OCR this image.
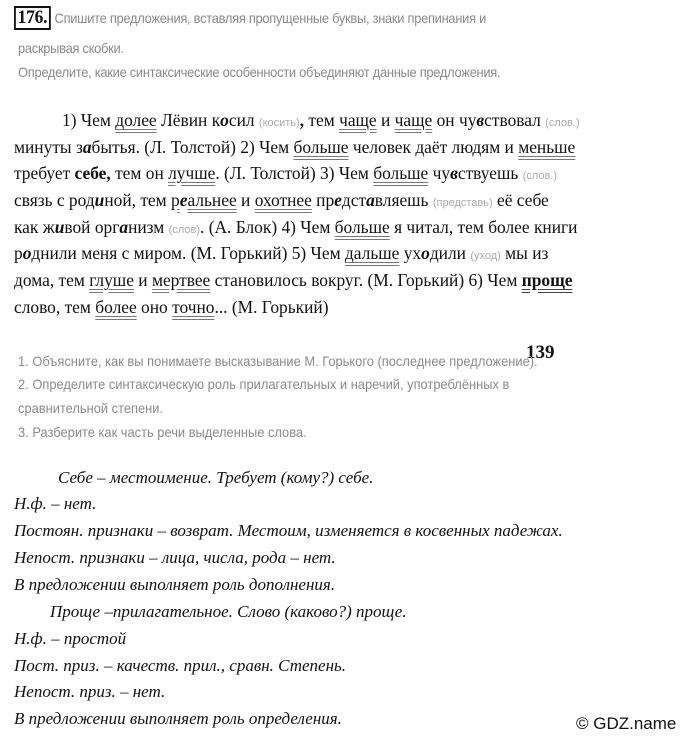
176. Спишите предложения, вставляя пропущенные буквы, знаки препинания и
раскрывая скобки.
Определите, какие синтаксические особенности объединяют данные предложения.
1) Чем долее Лёвин косил (косить), тем чаще и чаще он чувствовал (слов.)
минуты забытья. (Л. Толстой) 2) Чем больше человек даёт людям и меньше
требует себе, тем он лучше. (Л. Толстой) 3) Чем больше чувствуешь (слов.)
связь с родиной, тем реальнее и охотнее представляешь (представь) её себе
как живой организм (слов). (А. Блок) 4) Чем больше я читал, тем более книги
роднили меня с миром. (М. Горький) 5) Чем дальше уходили (уход) мы из
дома, тем глуше и мертвее становилось вокруг. (М. Горький) 6) Чем проще
слово, тем более оно точно... (М. Горький)
139
1. Объясните, как вы понимаете высказывание М. Горького (последнее предложение).
2. Определите синтаксическую роль прилагательных и наречий, употреблённых в
сравнительной степени.
3. Разберите как часть речи выделенные слова.
Себе – местоимение. Требует (кому?) себе.
Н.ф. – нет.
Постоян. признаки – возврат. Местоим, изменяется в косвенных падежах.
Непост. признаки – лица, числа, рода – нет.
В предложении выполняет роль дополнения.
Проще –прилагательное. Слово (каково?) проще.
Н.ф. – простой
Пост. приз. – качеств. прил., сравн. Степень.
Непост. приз. – нет.
В предложении выполняет роль определения.	© GDZ.name
